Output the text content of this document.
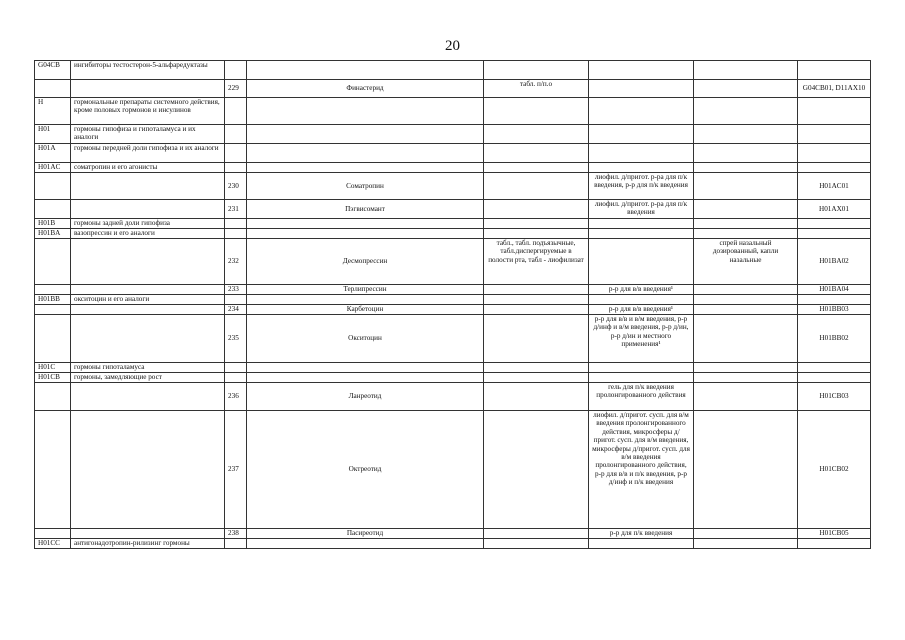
20
G04CB	ингибиторы тестостерон-5-альфаредуктазы						
		229	Финастерид	табл. п/п.о			G04CB01, D11AX10
H	гормональные препараты системного действия, кроме половых гормонов и инсулинов						
H01	гормоны гипофиза и гипоталамуса и их аналоги						
H01A	гормоны передней доли гипофиза и их аналоги						
H01AC	соматропин и его агонисты						
		230	Соматропин		лиофил. д/пригот. р-ра для п/к введения, р-р для п/к введения		H01AC01
		231	Пэгвисомант		лиофил. д/пригот. р-ра для п/к введения		H01AX01
H01B	гормоны задней доли гипофиза						
H01BA	вазопрессин и его аналоги						
		232	Десмопрессин	табл., табл. подъязычные, табл.диспергируемые в полости рта, табл - лиофилизат		спрей назальный дозированный, капли назальные	H01BA02
		233	Терлипрессин		р-р для в/в введения¹		H01BA04
H01BB	окситоцин и его аналоги						
		234	Карбетоцин		р-р для в/в введения¹		H01BB03
		235	Окситоцин		р-р для в/в и в/м введения, р-р д/инф и в/м введения, р-р д/ин, р-р д/ин и местного применения¹		H01BB02
H01C	гормоны гипоталамуса						
H01CB	гормоны, замедляющие рост						
		236	Ланреотид		гель для п/к введения пролонгированного действия		H01CB03
		237	Октреотид		лиофил. д/пригот. сусп. для в/м введения пролонгированного действия, микросферы д/пригот. сусп. для в/м введения, микросферы д/пригот. сусп. для в/м введения пролонгированного действия, р-р для в/в и п/к введения, р-р д/инф и п/к введения		H01CB02
		238	Пасиреотид		р-р для п/к введения		H01CB05
H01CC	антигонадотропин-рилизинг гормоны						
